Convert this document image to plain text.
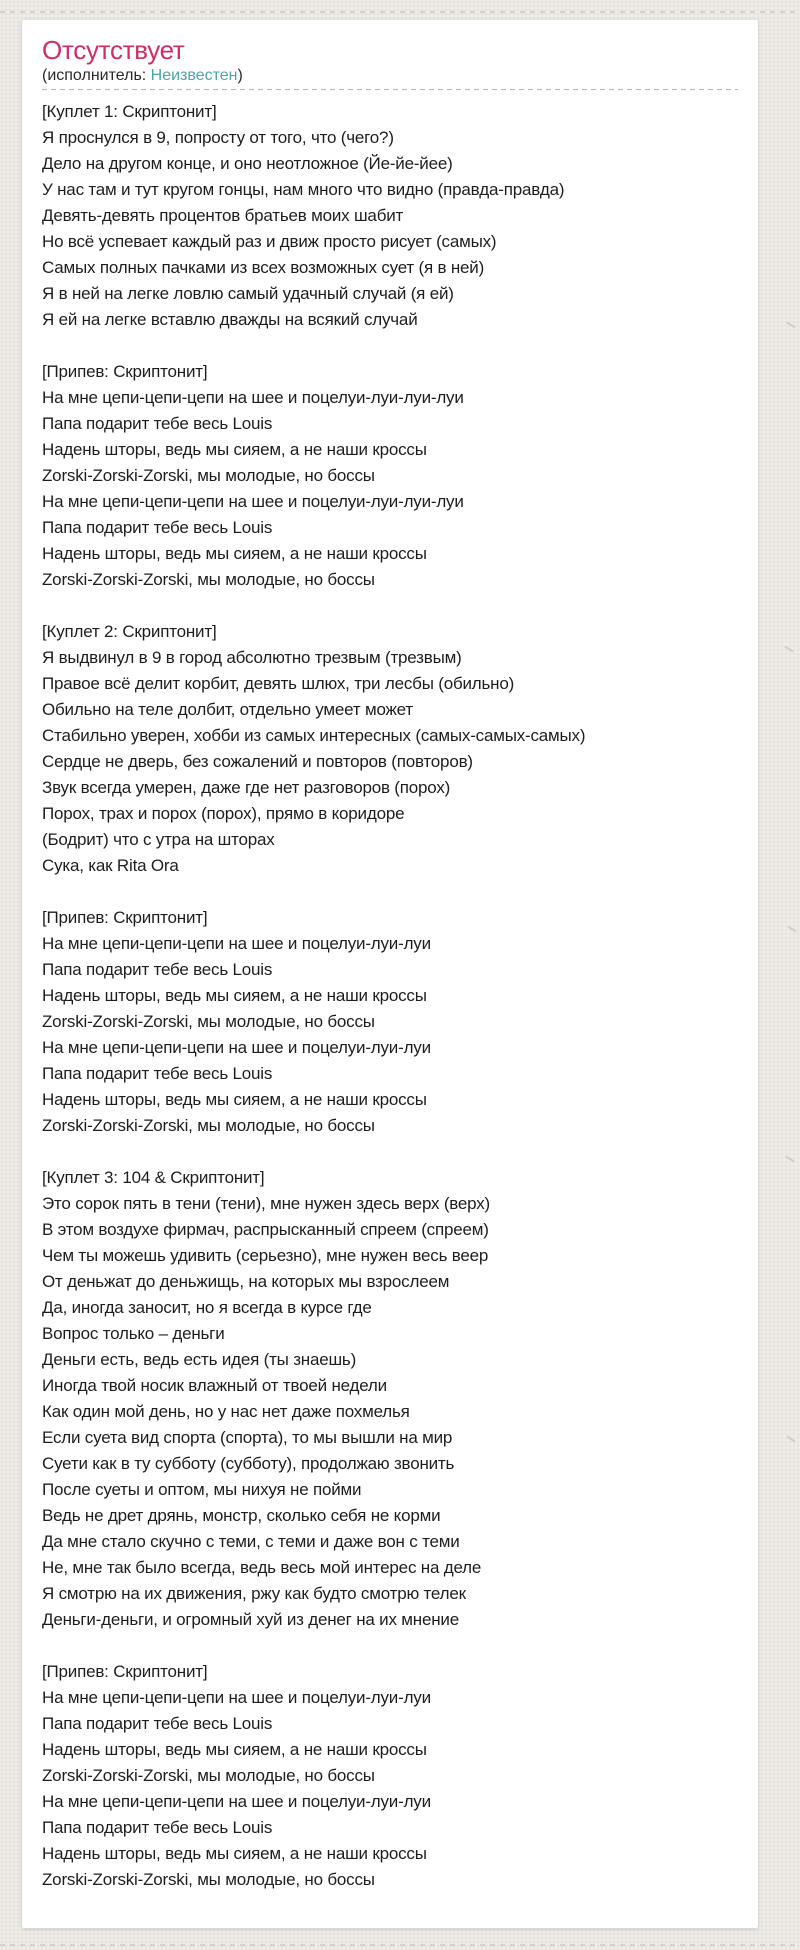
Отсутствует

(исполнитель: Неизвестен)

[Куплет 1: Скриптонит]

Я проснулся в 9, попросту от того, что (чего?)

Дело на другом конце, и оно неотложное (Йе-йе-йее)

У нас там и тут кругом гонцы, нам много что видно (правда-правда)

Девять-девять процентов братьев моих шабит

Но всё успевает каждый раз и движ просто рисует (самых)

Самых полных пачками из всех возможных сует (я в ней)

Я в ней на легке ловлю самый удачный случай (я ей)

Я ей на легке вставлю дважды на всякий случай

[Припев: Скриптонит]

На мне цепи-цепи-цепи на шее и поцелуи-луи-луи-луи

Папа подарит тебе весь Louis

Надень шторы, ведь мы сияем, а не наши кроссы

Zorski-Zorski-Zorski, мы молодые, но боссы

На мне цепи-цепи-цепи на шее и поцелуи-луи-луи-луи

Папа подарит тебе весь Louis

Надень шторы, ведь мы сияем, а не наши кроссы

Zorski-Zorski-Zorski, мы молодые, но боссы

[Куплет 2: Скриптонит]

Я выдвинул в 9 в город абсолютно трезвым (трезвым)

Правое всё делит корбит, девять шлюх, три лесбы (обильно)

Обильно на теле долбит, отдельно умеет может

Стабильно уверен, хобби из самых интересных (самых-самых-самых)

Сердце не дверь, без сожалений и повторов (повторов)

Звук всегда умерен, даже где нет разговоров (порох)

Порох, трах и порох (порох), прямо в коридоре

(Бодрит) что с утра на шторах

Сука, как Rita Ora

[Припев: Скриптонит]

На мне цепи-цепи-цепи на шее и поцелуи-луи-луи

Папа подарит тебе весь Louis

Надень шторы, ведь мы сияем, а не наши кроссы

Zorski-Zorski-Zorski, мы молодые, но боссы

На мне цепи-цепи-цепи на шее и поцелуи-луи-луи

Папа подарит тебе весь Louis

Надень шторы, ведь мы сияем, а не наши кроссы

Zorski-Zorski-Zorski, мы молодые, но боссы

[Куплет 3: 104 & Скриптонит]

Это сорок пять в тени (тени), мне нужен здесь верх (верх)

В этом воздухе фирмач, распрысканный спреем (спреем)

Чем ты можешь удивить (серьезно), мне нужен весь веер

От деньжат до деньжищь, на которых мы взрослеем

Да, иногда заносит, но я всегда в курсе где

Вопрос только – деньги

Деньги есть, ведь есть идея (ты знаешь)

Иногда твой носик влажный от твоей недели

Как один мой день, но у нас нет даже похмелья

Если суета вид спорта (спорта), то мы вышли на мир

Суети как в ту субботу (субботу), продолжаю звонить

После суеты и оптом, мы нихуя не пойми

Ведь не дрет дрянь, монстр, сколько себя не корми

Да мне стало скучно с теми, с теми и даже вон с теми

Не, мне так было всегда, ведь весь мой интерес на деле

Я смотрю на их движения, ржу как будто смотрю телек

Деньги-деньги, и огромный хуй из денег на их мнение

[Припев: Скриптонит]

На мне цепи-цепи-цепи на шее и поцелуи-луи-луи

Папа подарит тебе весь Louis

Надень шторы, ведь мы сияем, а не наши кроссы

Zorski-Zorski-Zorski, мы молодые, но боссы

На мне цепи-цепи-цепи на шее и поцелуи-луи-луи

Папа подарит тебе весь Louis

Надень шторы, ведь мы сияем, а не наши кроссы

Zorski-Zorski-Zorski, мы молодые, но боссы
